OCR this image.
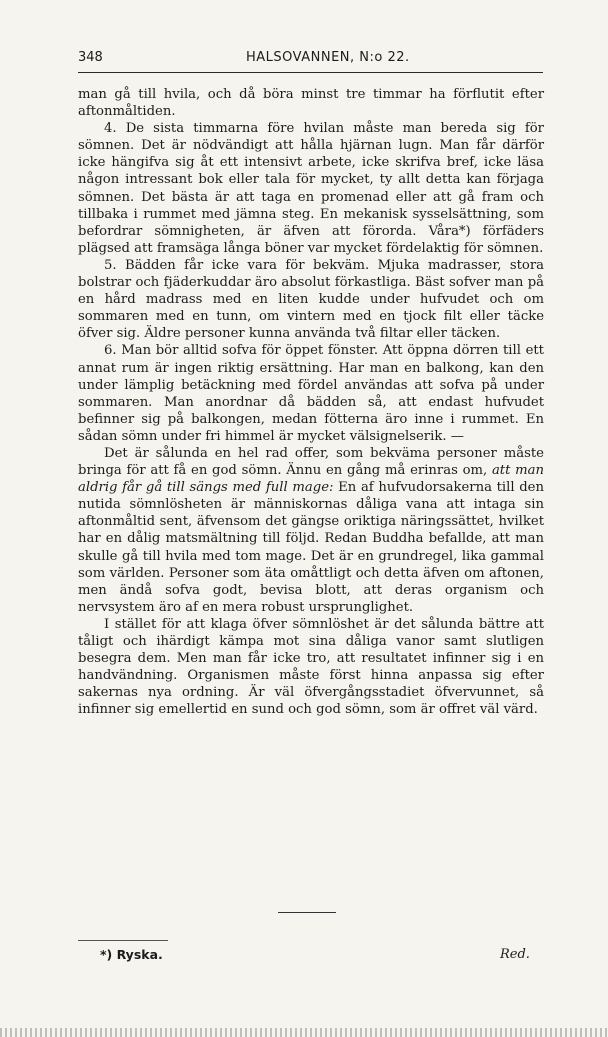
348	HALSOVANNEN, N:o 22.

man gå till hvila, och då böra minst tre timmar ha förflutit efter aftonmåltiden.

4. De sista timmarna före hvilan måste man bereda sig för sömnen. Det är nödvändigt att hålla hjärnan lugn. Man får därför icke hängifva sig åt ett intensivt arbete, icke skrifva bref, icke läsa någon intressant bok eller tala för mycket, ty allt detta kan förjaga sömnen. Det bästa är att taga en promenad eller att gå fram och tillbaka i rummet med jämna steg. En mekanisk sysselsättning, som befordrar sömnigheten, är äfven att förorda. Våra*) förfäders plägsed att framsäga långa böner var mycket fördelaktig för sömnen.

5. Bädden får icke vara för bekväm. Mjuka madrasser, stora bolstrar och fjäderkuddar äro absolut förkastliga. Bäst sofver man på en hård madrass med en liten kudde under hufvudet och om sommaren med en tunn, om vintern med en tjock filt eller täcke öfver sig. Äldre personer kunna använda två filtar eller täcken.

6. Man bör alltid sofva för öppet fönster. Att öppna dörren till ett annat rum är ingen riktig ersättning. Har man en balkong, kan den under lämplig betäckning med fördel användas att sofva på under sommaren. Man anordnar då bädden så, att endast hufvudet befinner sig på balkongen, medan fötterna äro inne i rummet. En sådan sömn under fri himmel är mycket välsignelserik. —

Det är sålunda en hel rad offer, som bekväma personer måste bringa för att få en god sömn. Ännu en gång må erinras om, att man aldrig får gå till sängs med full mage: En af hufvudorsakerna till den nutida sömnlösheten är människornas dåliga vana att intaga sin aftonmåltid sent, äfvensom det gängse oriktiga näringssättet, hvilket har en dålig matsmältning till följd. Redan Buddha befallde, att man skulle gå till hvila med tom mage. Det är en grundregel, lika gammal som världen. Personer som äta omåttligt och detta äfven om aftonen, men ändå sofva godt, bevisa blott, att deras organism och nervsystem äro af en mera robust ursprunglighet.

I stället för att klaga öfver sömnlöshet är det sålunda bättre att tåligt och ihärdigt kämpa mot sina dåliga vanor samt slutligen besegra dem. Men man får icke tro, att resultatet infinner sig i en handvändning. Organismen måste först hinna anpassa sig efter sakernas nya ordning. Är väl öfvergångsstadiet öfvervunnet, så infinner sig emellertid en sund och god sömn, som är offret väl värd.

*) Ryska.	Red.
